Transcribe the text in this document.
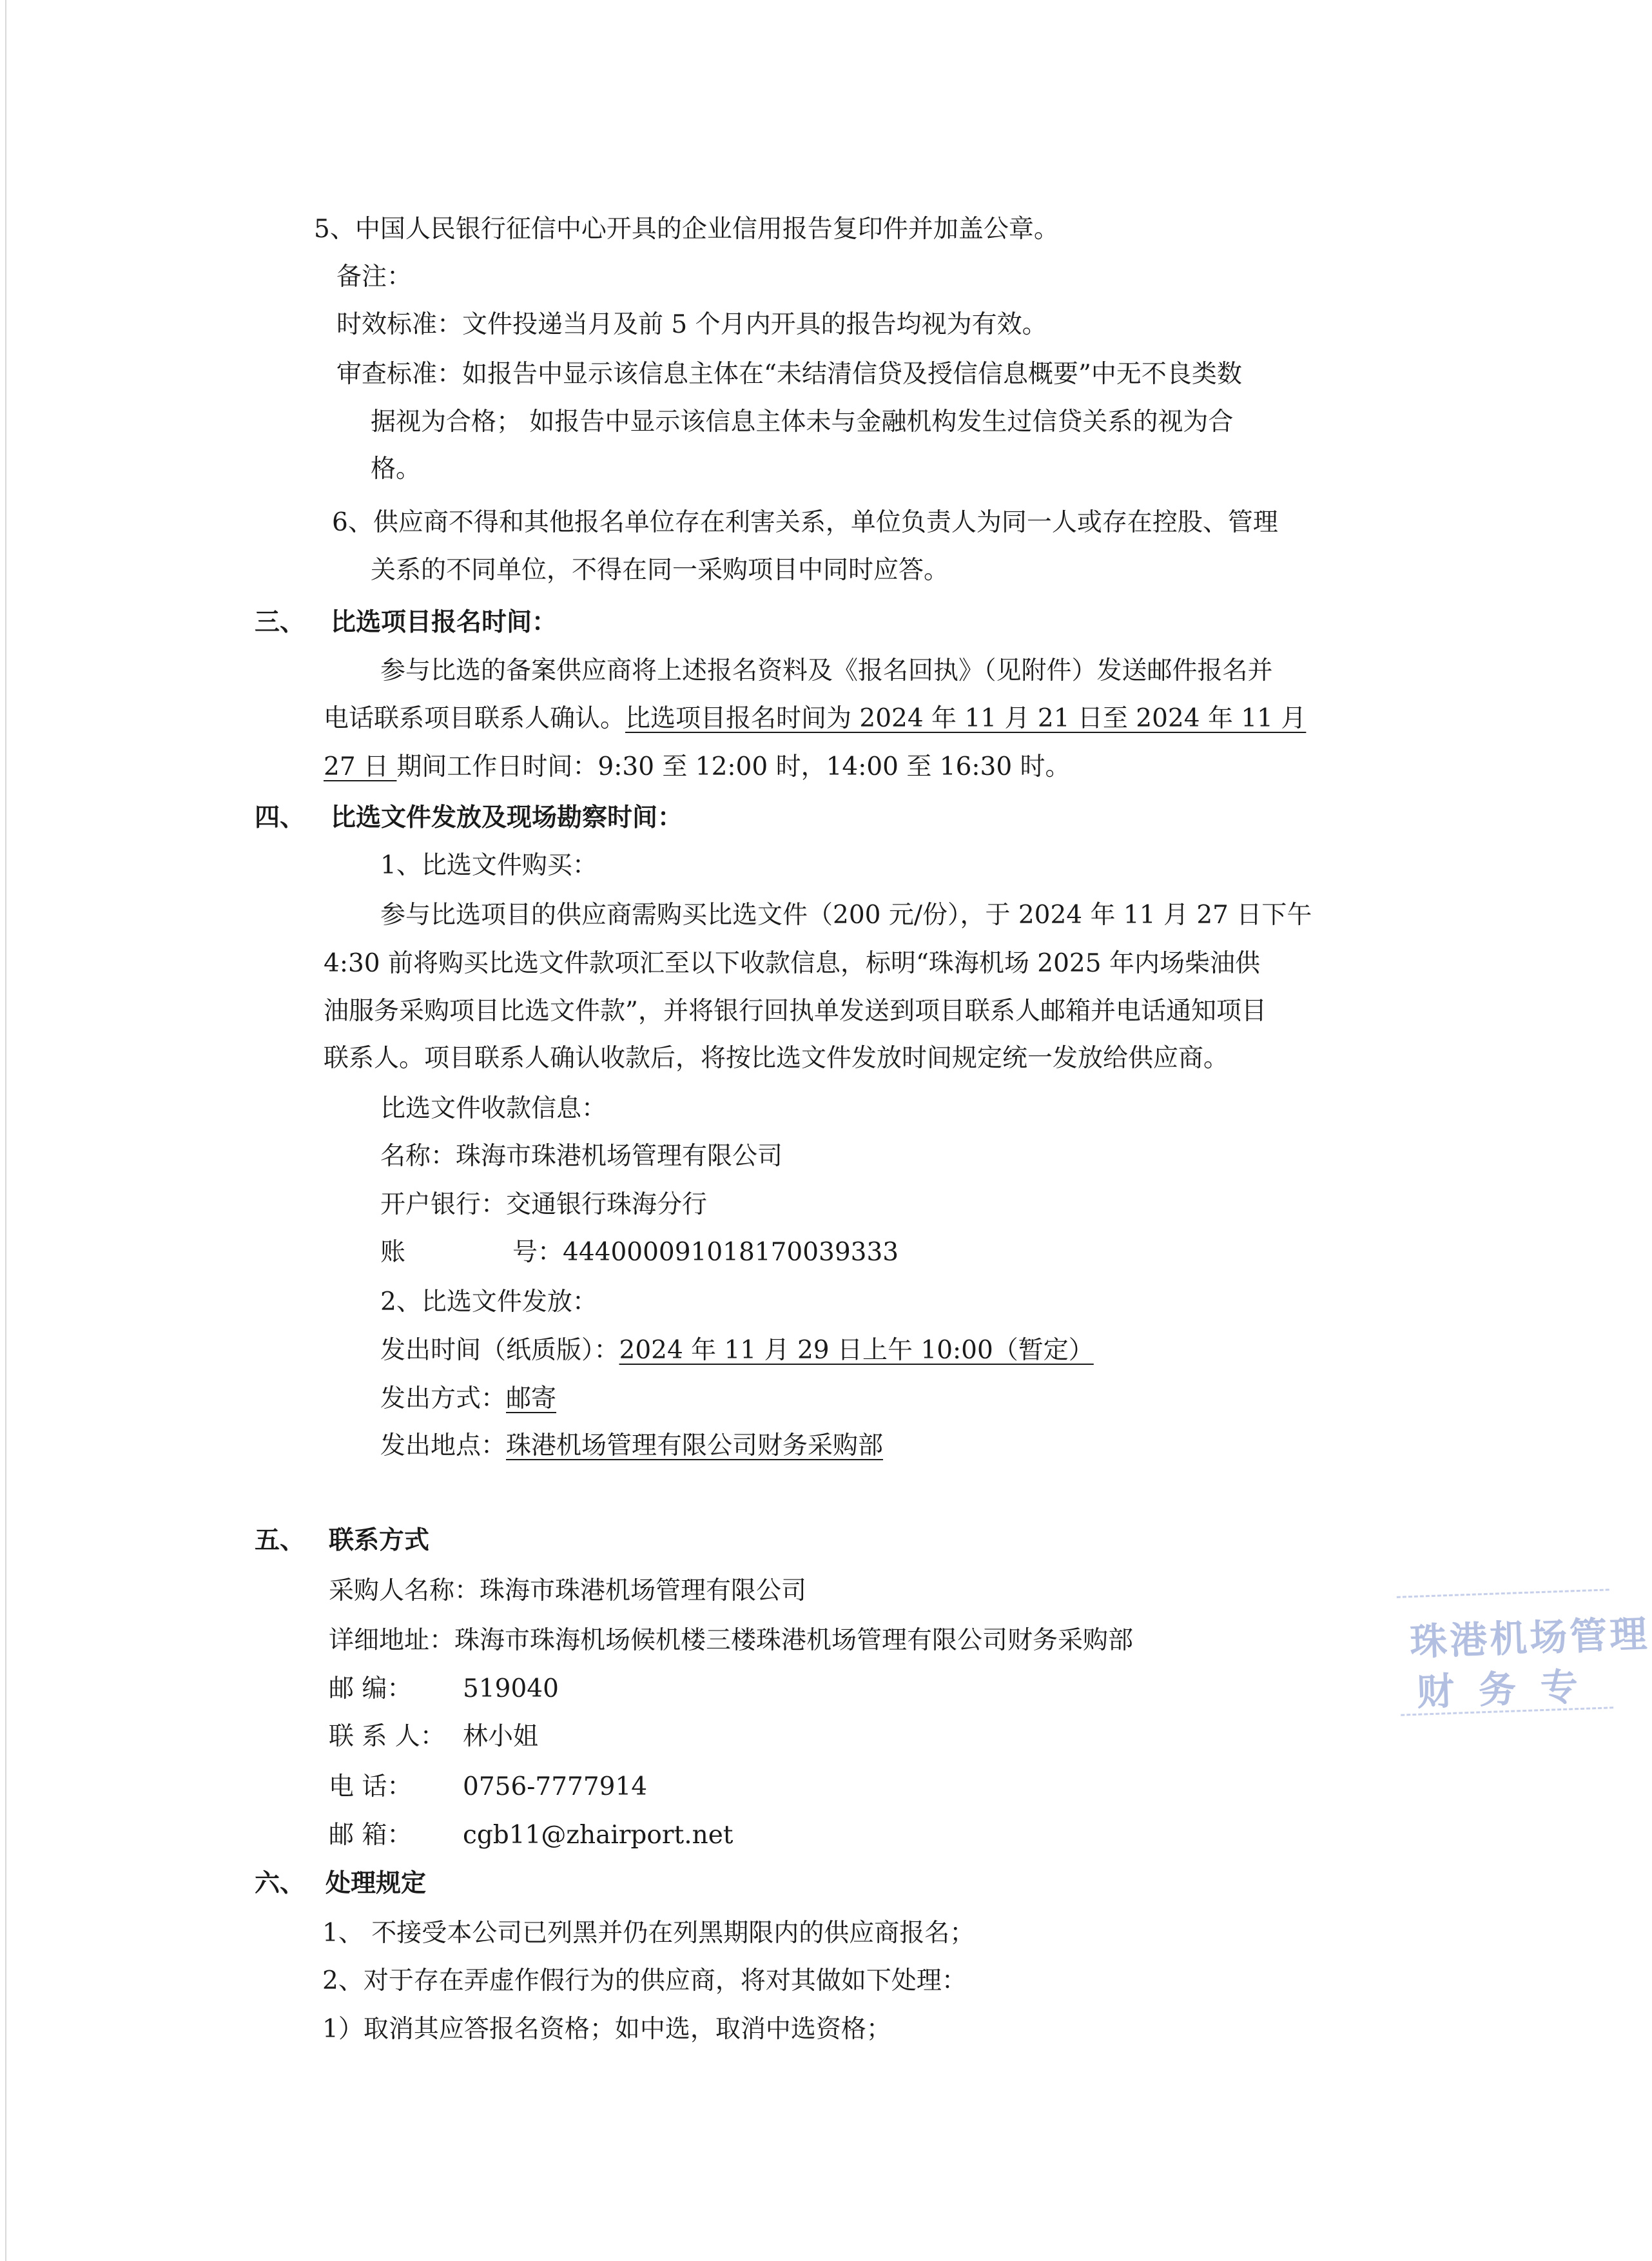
5、中国人民银行征信中心开具的企业信用报告复印件并加盖公章。
备注：
时效标准：文件投递当月及前 5 个月内开具的报告均视为有效。
审查标准：如报告中显示该信息主体在“未结清信贷及授信信息概要”中无不良类数
据视为合格； 如报告中显示该信息主体未与金融机构发生过信贷关系的视为合
格。
6、供应商不得和其他报名单位存在利害关系，单位负责人为同一人或存在控股、管理
关系的不同单位，不得在同一采购项目中同时应答。
三、 比选项目报名时间：
参与比选的备案供应商将上述报名资料及《报名回执》（见附件）发送邮件报名并
电话联系项目联系人确认。比选项目报名时间为 2024 年 11 月 21 日至 2024 年 11 月
27 日 期间工作日时间：9:30 至 12:00 时，14:00 至 16:30 时。
四、 比选文件发放及现场勘察时间：
1、比选文件购买：
参与比选项目的供应商需购买比选文件（200 元/份），于 2024 年 11 月 27 日下午
4:30 前将购买比选文件款项汇至以下收款信息，标明“珠海机场 2025 年内场柴油供
油服务采购项目比选文件款”，并将银行回执单发送到项目联系人邮箱并电话通知项目
联系人。项目联系人确认收款后，将按比选文件发放时间规定统一发放给供应商。
比选文件收款信息：
名称：珠海市珠港机场管理有限公司
开户银行：交通银行珠海分行
账	号：444000091018170039333
2、比选文件发放：
发出时间（纸质版）：2024 年 11 月 29 日上午 10:00（暂定）
发出方式：邮寄
发出地点：珠港机场管理有限公司财务采购部
五、 联系方式
采购人名称：珠海市珠港机场管理有限公司
详细地址：珠海市珠海机场候机楼三楼珠港机场管理有限公司财务采购部
邮 编： 519040
联 系 人： 林小姐
电 话： 0756-7777914
邮 箱： cgb11@zhairport.net
六、 处理规定
1、 不接受本公司已列黑并仍在列黑期限内的供应商报名；
2、对于存在弄虚作假行为的供应商，将对其做如下处理：
1）取消其应答报名资格；如中选，取消中选资格；
珠港机场管理
财务专
